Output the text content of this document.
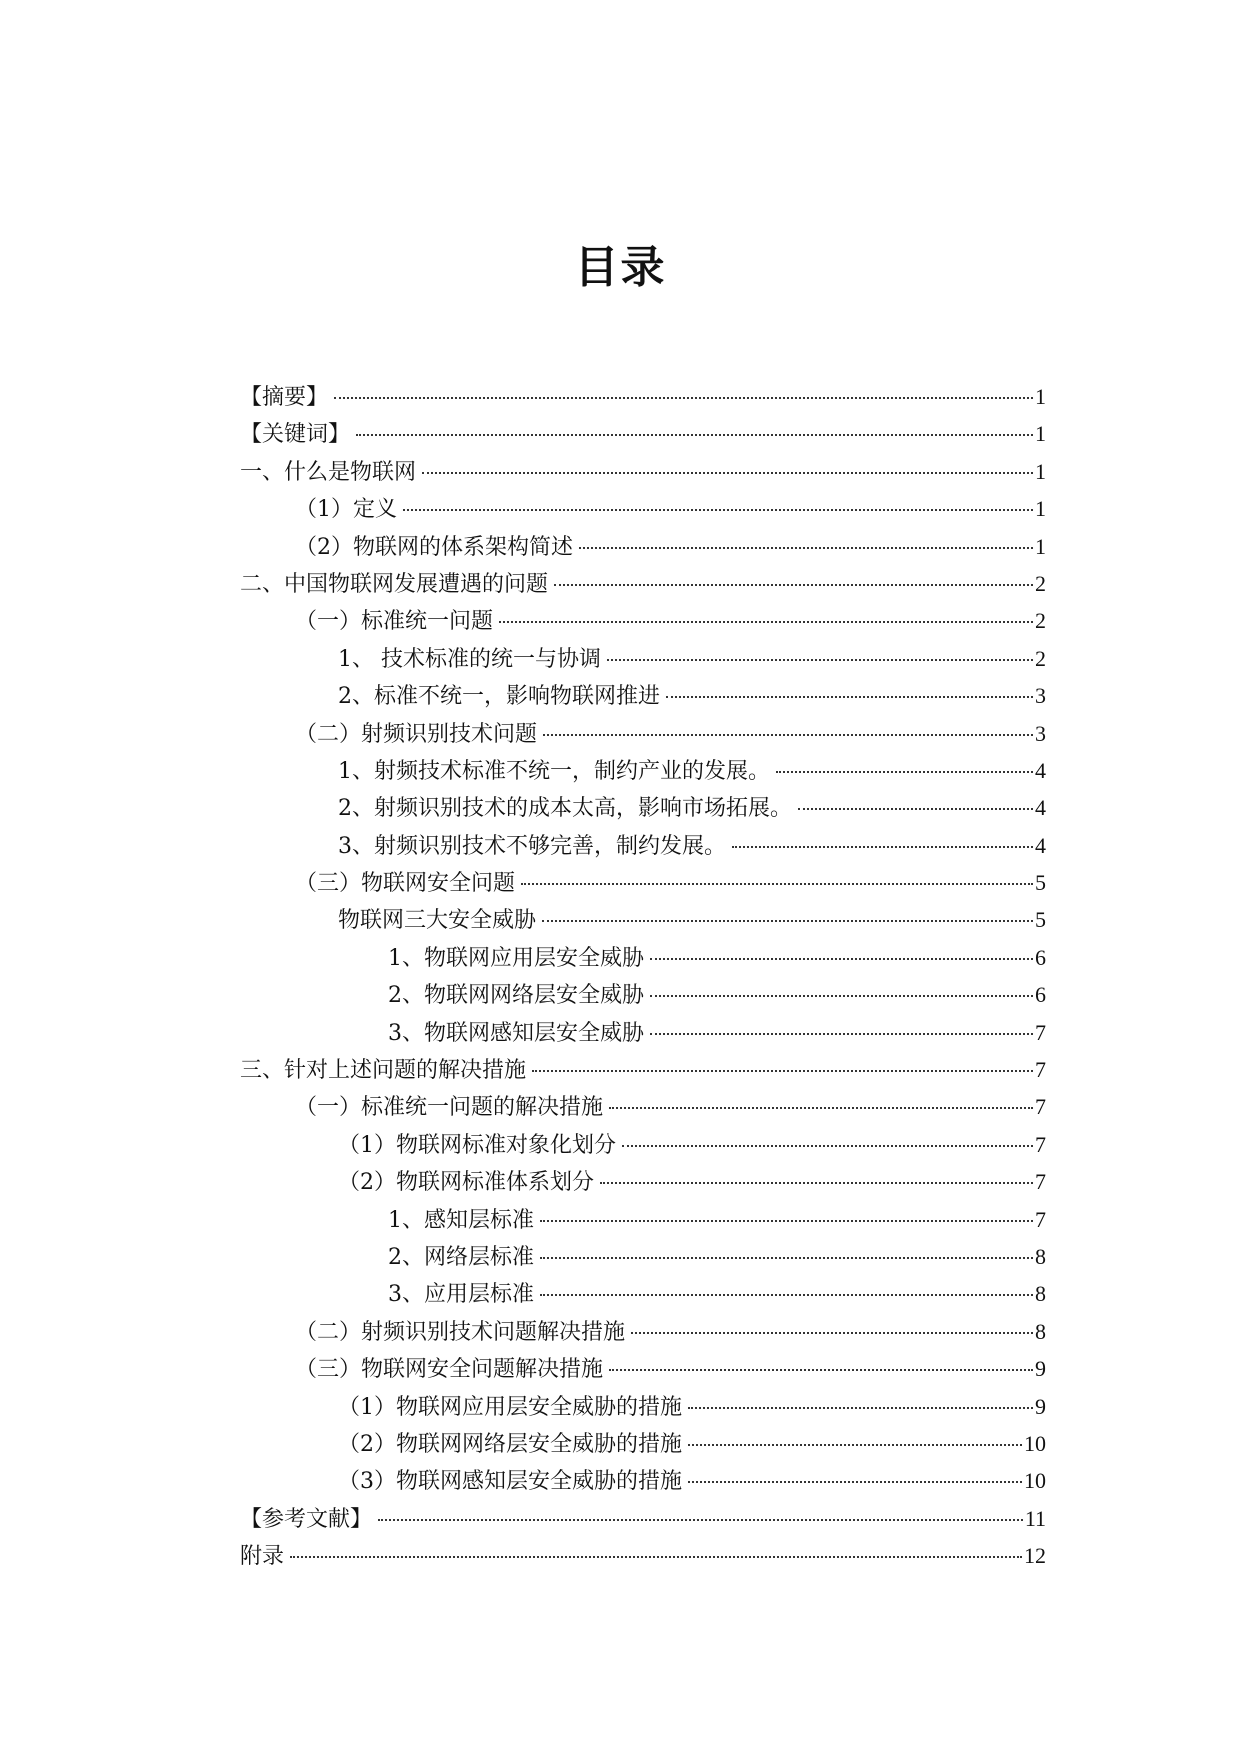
目录
【摘要】	1
【关键词】	1
一、什么是物联网	1
（1）定义	1
（2）物联网的体系架构简述	1
二、中国物联网发展遭遇的问题	2
（一）标准统一问题	2
1、 技术标准的统一与协调	2
2、标准不统一，影响物联网推进	3
（二）射频识别技术问题	3
1、射频技术标准不统一，制约产业的发展。	4
2、射频识别技术的成本太高，影响市场拓展。	4
3、射频识别技术不够完善，制约发展。	4
（三）物联网安全问题	5
物联网三大安全威胁	5
1、物联网应用层安全威胁	6
2、物联网网络层安全威胁	6
3、物联网感知层安全威胁	7
三、针对上述问题的解决措施	7
（一）标准统一问题的解决措施	7
（1）物联网标准对象化划分	7
（2）物联网标准体系划分	7
1、感知层标准	7
2、网络层标准	8
3、应用层标准	8
（二）射频识别技术问题解决措施	8
（三）物联网安全问题解决措施	9
（1）物联网应用层安全威胁的措施	9
（2）物联网网络层安全威胁的措施	10
（3）物联网感知层安全威胁的措施	10
【参考文献】	11
附录	12
